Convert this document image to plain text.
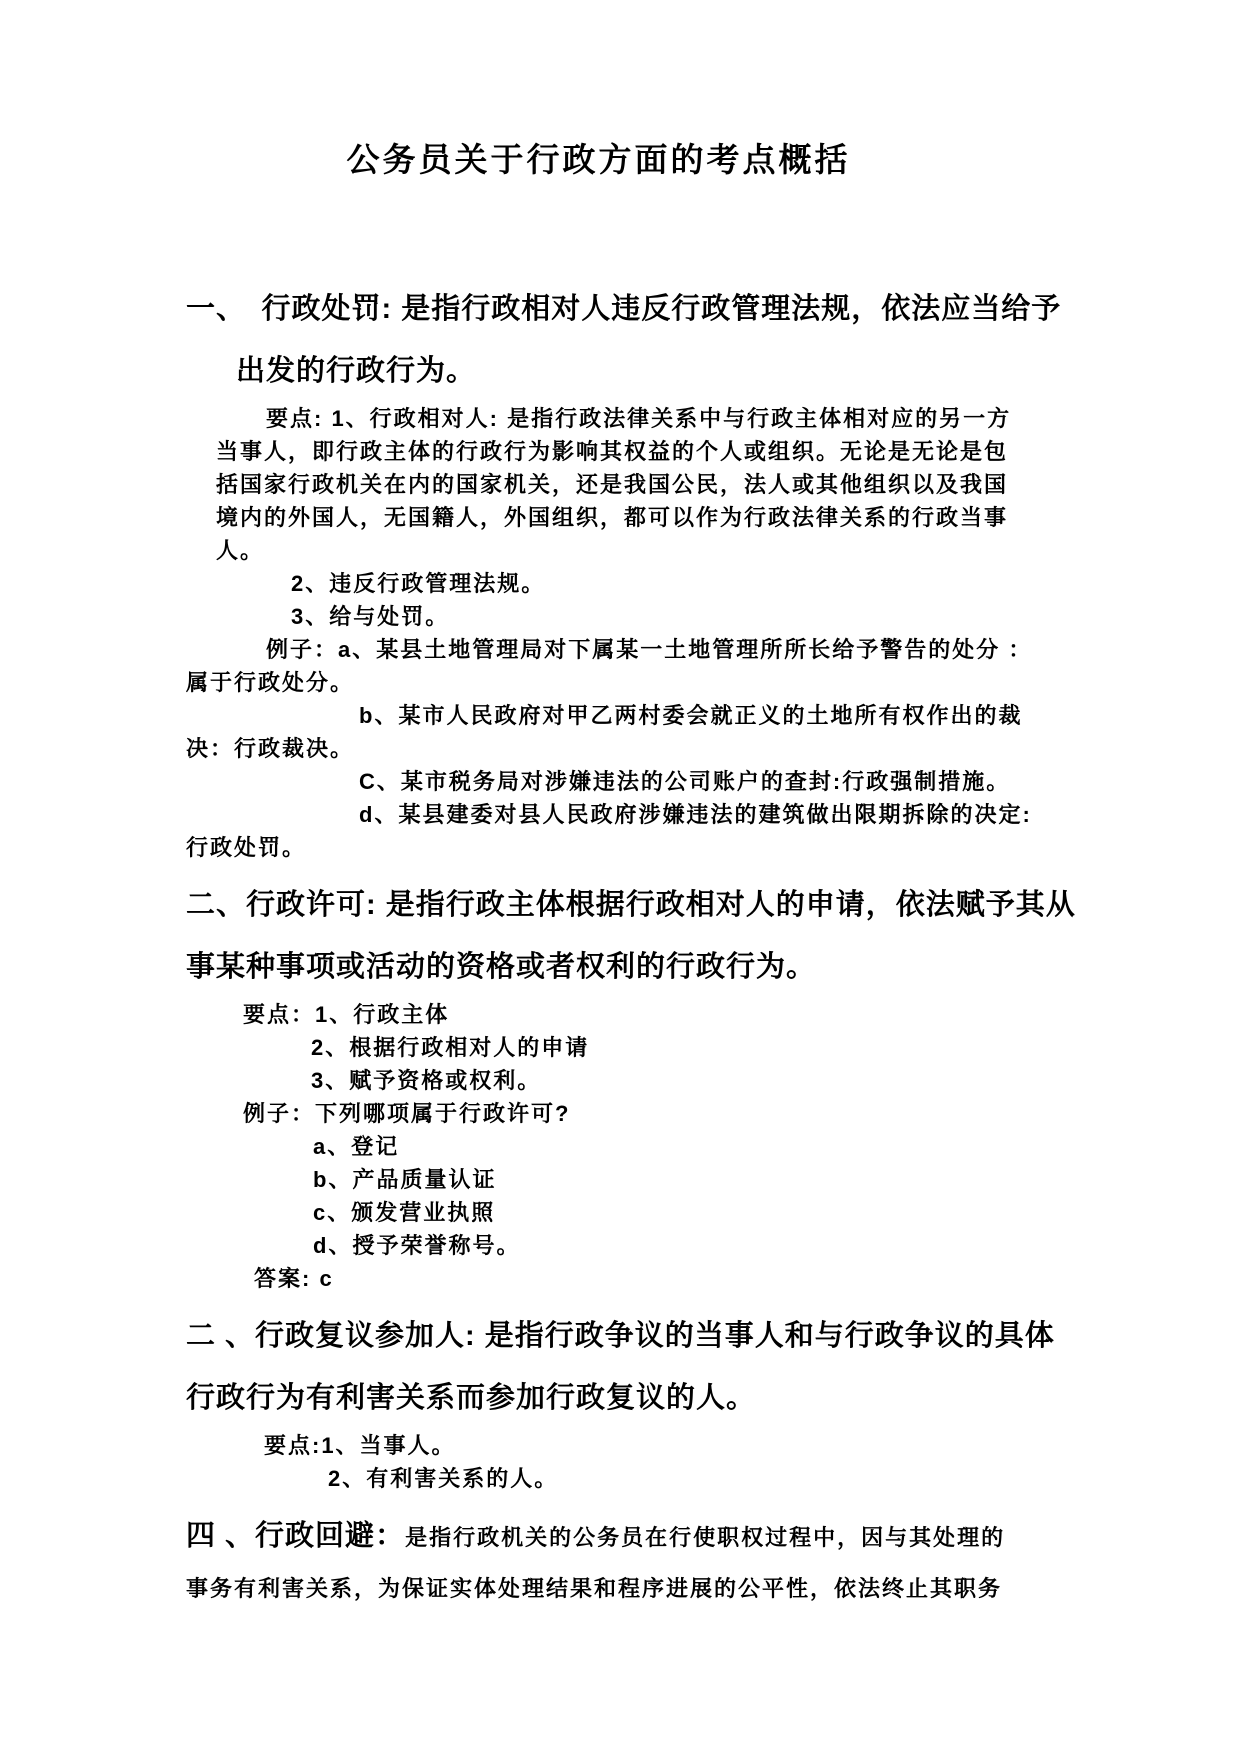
公务员关于行政方面的考点概括
一、　行政处罚: 是指行政相对人违反行政管理法规，依法应当给予
出发的行政行为。
要点: 1、行政相对人: 是指行政法律关系中与行政主体相对应的另一方
当事人，即行政主体的行政行为影响其权益的个人或组织。无论是无论是包
括国家行政机关在内的国家机关，还是我国公民，法人或其他组织以及我国
境内的外国人，无国籍人，外国组织，都可以作为行政法律关系的行政当事
人。
2、违反行政管理法规。
3、给与处罚。
例子：a、某县土地管理局对下属某一土地管理所所长给予警告的处分 ：
属于行政处分。
b、某市人民政府对甲乙两村委会就正义的土地所有权作出的裁
决：行政裁决。
C、某市税务局对涉嫌违法的公司账户的查封:行政强制措施。
d、某县建委对县人民政府涉嫌违法的建筑做出限期拆除的决定:
行政处罚。
二、行政许可: 是指行政主体根据行政相对人的申请，依法赋予其从
事某种事项或活动的资格或者权利的行政行为。
要点：1、行政主体
2、根据行政相对人的申请
3、赋予资格或权利。
例子：下列哪项属于行政许可?
a、登记
b、产品质量认证
c、颁发营业执照
d、授予荣誉称号。
答案: c
二 、行政复议参加人: 是指行政争议的当事人和与行政争议的具体
行政行为有利害关系而参加行政复议的人。
要点:1、当事人。
2、有利害关系的人。
四 、行政回避：是指行政机关的公务员在行使职权过程中，因与其处理的
事务有利害关系，为保证实体处理结果和程序进展的公平性，依法终止其职务
